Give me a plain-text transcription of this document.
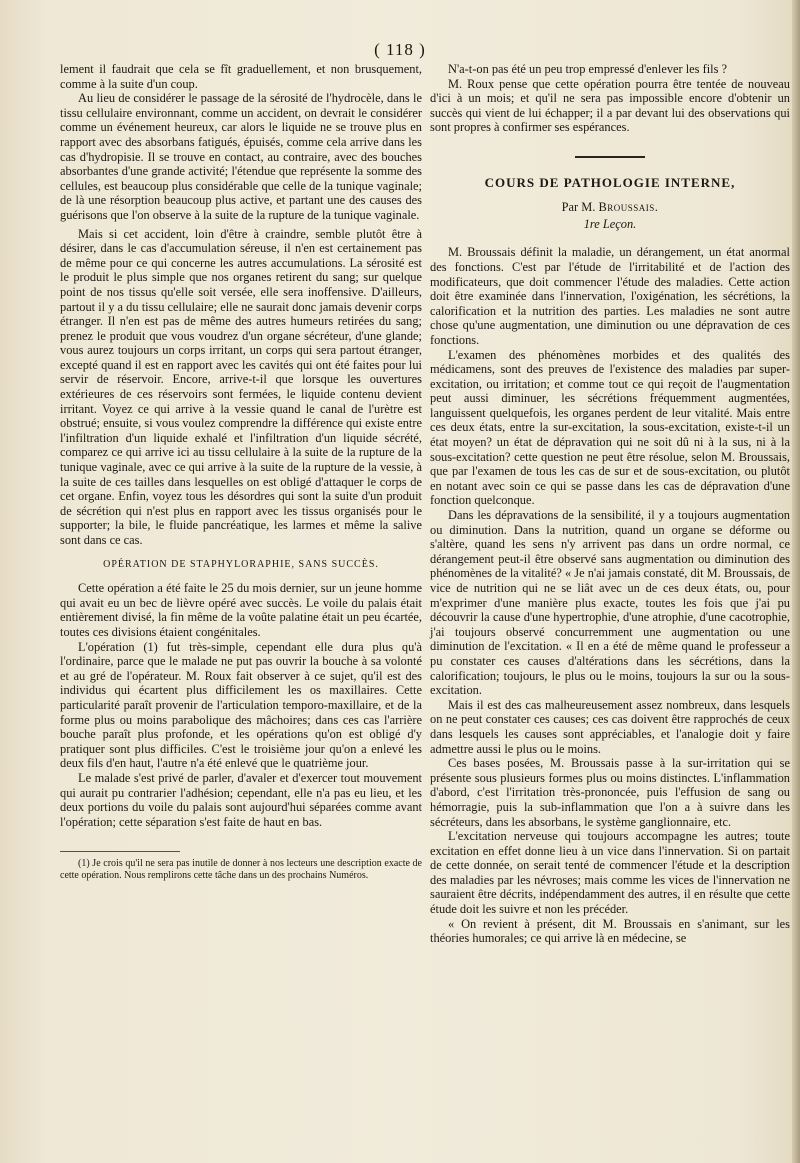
( 118 )

lement il faudrait que cela se fît graduellement, et non brusquement, comme à la suite d'un coup.

Au lieu de considérer le passage de la sérosité de l'hydrocèle, dans le tissu cellulaire environnant, comme un accident, on devrait le considérer comme un événement heureux, car alors le liquide ne se trouve plus en rapport avec des absorbans fatigués, épuisés, comme cela arrive dans les cas d'hydropisie. Il se trouve en contact, au contraire, avec des bouches absorbantes d'une grande activité; l'étendue que représente la somme des cellules, est beaucoup plus considérable que celle de la tunique vaginale; de là une résorption beaucoup plus active, et partant une des causes des guérisons que l'on observe à la suite de la rupture de la tunique vaginale.

Mais si cet accident, loin d'être à craindre, semble plutôt être à désirer, dans le cas d'accumulation séreuse, il n'en est certainement pas de même pour ce qui concerne les autres accumulations. La sérosité est le produit le plus simple que nos organes retirent du sang; sur quelque point de nos tissus qu'elle soit versée, elle sera inoffensive. D'ailleurs, partout il y a du tissu cellulaire; elle ne saurait donc jamais devenir corps étranger. Il n'en est pas de même des autres humeurs retirées du sang; prenez le produit que vous voudrez d'un organe sécréteur, d'une glande; vous aurez toujours un corps irritant, un corps qui sera partout étranger, excepté quand il est en rapport avec les cavités qui ont été faites pour lui servir de réservoir. Encore, arrive-t-il que lorsque les ouvertures extérieures de ces réservoirs sont fermées, le liquide contenu devient irritant. Voyez ce qui arrive à la vessie quand le canal de l'urètre est obstrué; ensuite, si vous voulez comprendre la différence qui existe entre l'infiltration d'un liquide exhalé et l'infiltration d'un liquide sécrété, comparez ce qui arrive ici au tissu cellulaire à la suite de la rupture de la tunique vaginale, avec ce qui arrive à la suite de la rupture de la vessie, à la suite de ces tailles dans lesquelles on est obligé d'attaquer le corps de cet organe. Enfin, voyez tous les désordres qui sont la suite d'un produit de sécrétion qui n'est plus en rapport avec les tissus organisés pour le supporter; la bile, le fluide pancréatique, les larmes et même la salive sont dans ce cas.

OPÉRATION DE STAPHYLORAPHIE, SANS SUCCÈS.

Cette opération a été faite le 25 du mois dernier, sur un jeune homme qui avait eu un bec de lièvre opéré avec succès. Le voile du palais était entièrement divisé, la fin même de la voûte palatine était un peu écartée, toutes ces divisions étaient congénitales.

L'opération (1) fut très-simple, cependant elle dura plus qu'à l'ordinaire, parce que le malade ne put pas ouvrir la bouche à sa volonté et au gré de l'opérateur. M. Roux fait observer à ce sujet, qu'il est des individus qui écartent plus difficilement les os maxillaires. Cette particularité paraît provenir de l'articulation temporo-maxillaire, et de la forme plus ou moins parabolique des mâchoires; dans ces cas l'arrière bouche paraît plus profonde, et les opérations qu'on est obligé d'y pratiquer sont plus difficiles. C'est le troisième jour qu'on a enlevé les deux fils d'en haut, l'autre n'a été enlevé que le quatrième jour.

Le malade s'est privé de parler, d'avaler et d'exercer tout mouvement qui aurait pu contrarier l'adhésion; cependant, elle n'a pas eu lieu, et les deux portions du voile du palais sont aujourd'hui séparées comme avant l'opération; cette séparation s'est faite de haut en bas.

(1) Je crois qu'il ne sera pas inutile de donner à nos lecteurs une description exacte de cette opération. Nous remplirons cette tâche dans un des prochains Numéros.

N'a-t-on pas été un peu trop empressé d'enlever les fils ?

M. Roux pense que cette opération pourra être tentée de nouveau d'ici à un mois; et qu'il ne sera pas impossible encore d'obtenir un succès qui vient de lui échapper; il a par devant lui des observations qui sont propres à confirmer ses espérances.

COURS DE PATHOLOGIE INTERNE,
Par M. Broussais.
1re Leçon.

M. Broussais définit la maladie, un dérangement, un état anormal des fonctions. C'est par l'étude de l'irritabilité et de l'action des modificateurs, que doit commencer l'étude des maladies. Cette action doit être examinée dans l'innervation, l'oxigénation, les sécrétions, la calorification et la nutrition des parties. Les maladies ne sont autre chose qu'une augmentation, une diminution ou une dépravation de ces fonctions.

L'examen des phénomènes morbides et des qualités des médicamens, sont des preuves de l'existence des maladies par super-excitation, ou irritation; et comme tout ce qui reçoit de l'augmentation peut aussi diminuer, les sécrétions fréquemment augmentées, languissent quelquefois, les organes perdent de leur vitalité. Mais entre ces deux états, entre la sur-excitation, la sous-excitation, existe-t-il un état moyen? un état de dépravation qui ne soit dû ni à la sus, ni à la sous-excitation? cette question ne peut être résolue, selon M. Broussais, que par l'examen de tous les cas de sur et de sous-excitation, ou plutôt en notant avec soin ce qui se passe dans les cas de dépravation d'une fonction quelconque.

Dans les dépravations de la sensibilité, il y a toujours augmentation ou diminution. Dans la nutrition, quand un organe se déforme ou s'altère, quand les sens n'y arrivent pas dans un ordre normal, ce dérangement peut-il être observé sans augmentation ou diminution des phénomènes de la vitalité? « Je n'ai jamais constaté, dit M. Broussais, de vice de nutrition qui ne se liât avec un de ces deux états, ou, pour m'exprimer d'une manière plus exacte, toutes les fois que j'ai pu découvrir la cause d'une hypertrophie, d'une atrophie, d'une cacotrophie, j'ai toujours observé concurremment une augmentation ou une diminution de l'excitation. « Il en a été de même quand le professeur a pu constater ces causes d'altérations dans les sécrétions, dans la calorification; toujours, le plus ou le moins, toujours la sur ou la sous-excitation.

Mais il est des cas malheureusement assez nombreux, dans lesquels on ne peut constater ces causes; ces cas doivent être rapprochés de ceux dans lesquels les causes sont appréciables, et l'analogie doit y faire admettre aussi le plus ou le moins.

Ces bases posées, M. Broussais passe à la sur-irritation qui se présente sous plusieurs formes plus ou moins distinctes. L'inflammation d'abord, c'est l'irritation très-prononcée, puis l'effusion de sang ou hémorragie, puis la sub-inflammation que l'on a à suivre dans les sécréteurs, dans les absorbans, le système ganglionnaire, etc.

L'excitation nerveuse qui toujours accompagne les autres; toute excitation en effet donne lieu à un vice dans l'innervation. Si on partait de cette donnée, on serait tenté de commencer l'étude et la description des maladies par les névroses; mais comme les vices de l'innervation ne sauraient être décrits, indépendamment des autres, il en résulte que cette étude doit les suivre et non les précéder.

« On revient à présent, dit M. Broussais en s'animant, sur les théories humorales; ce qui arrive là en médecine, se
